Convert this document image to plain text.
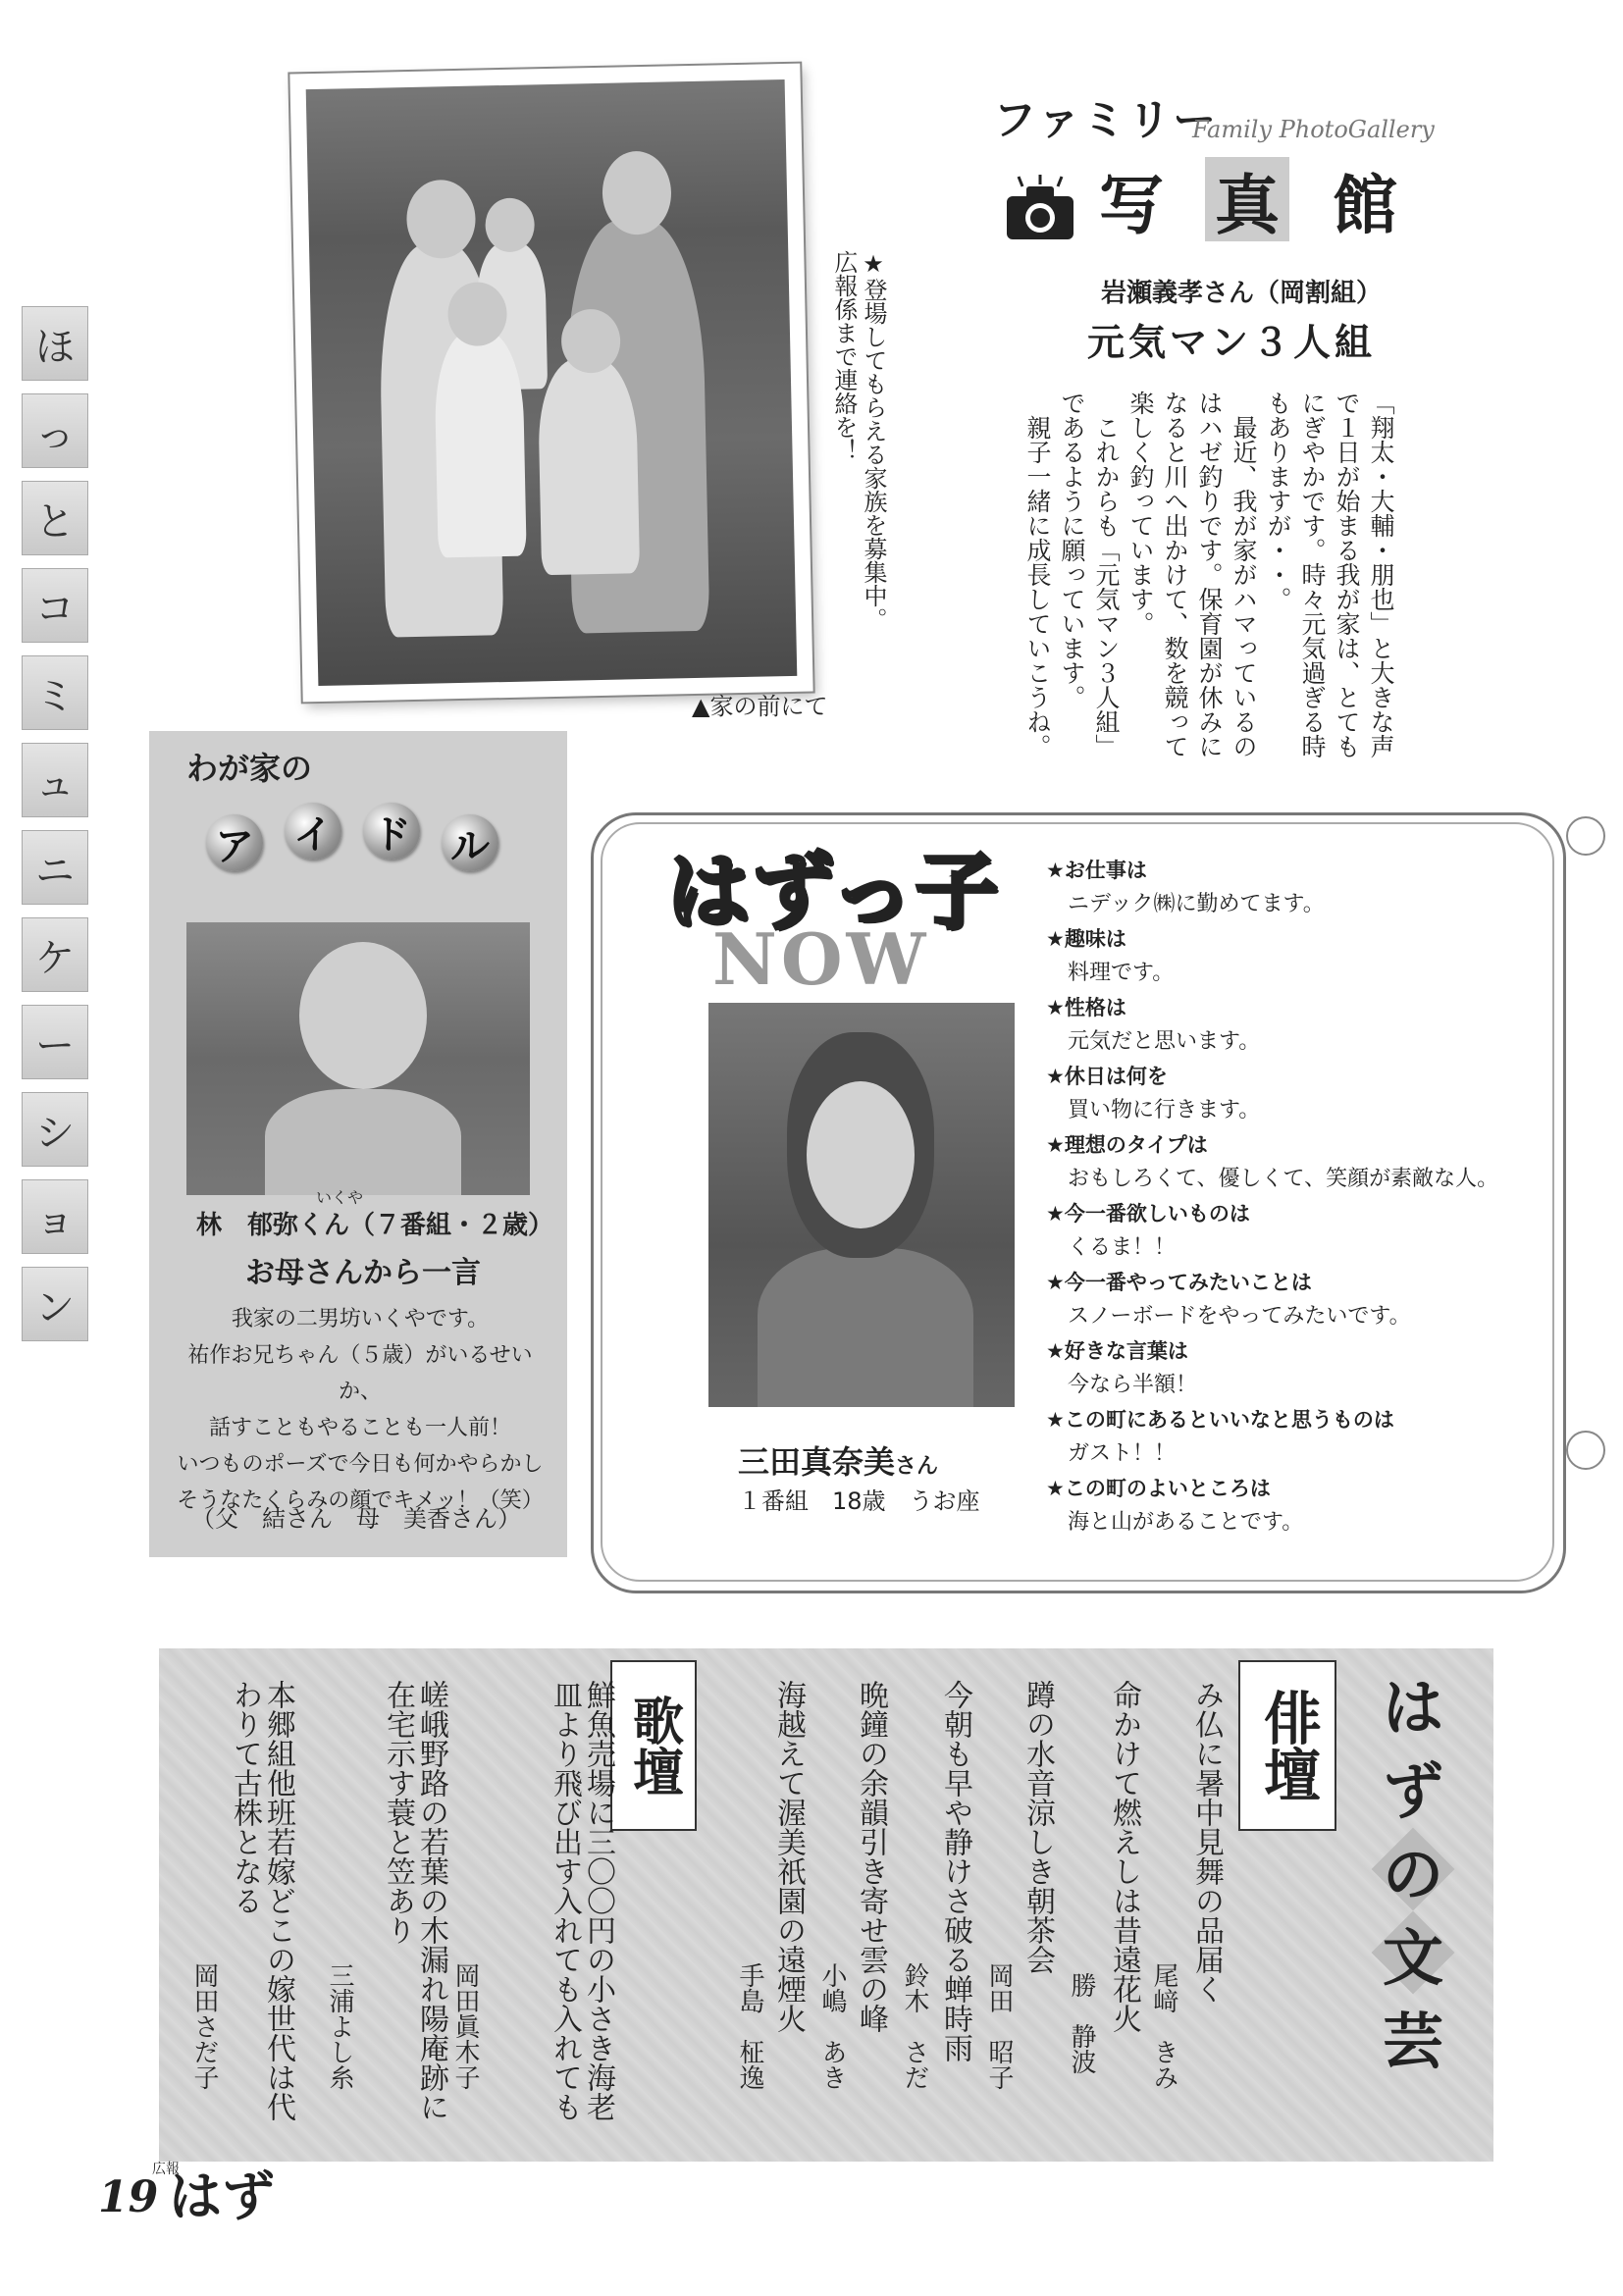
ほ
っ
と
コ
ミ
ュ
ニ
ケ
ー
シ
ョ
ン
★登場してもらえる家族を募集中。
広報係まで連絡を！
▲家の前にて
ファミリー
Family PhotoGallery
写 真 館
岩瀬義孝さん（岡割組）
元気マン３人組
「翔太・大輔・朋也」と大きな声で１日が始まる我が家は、とてもにぎやかです。時々元気過ぎる時もありますが・・。
　最近、我が家がハマっているのはハゼ釣りです。保育園が休みになると川へ出かけて、数を競って楽しく釣っています。
　これからも「元気マン３人組」であるように願っています。
　親子一緒に成長していこうね。
わが家の
ア イ ド ル
いくや
林　郁弥くん（７番組・２歳）
お母さんから一言
我家の二男坊いくやです。
祐作お兄ちゃん（５歳）がいるせいか、
話すこともやることも一人前！
いつものポーズで今日も何かやらかしそうなたくらみの顔でキメッ！（笑）
（父　結さん　母　美香さん）
はずっ子
NOW
三田真奈美さん
１番組　18歳　うお座
★お仕事は
ニデック㈱に勤めてます。
★趣味は
料理です。
★性格は
元気だと思います。
★休日は何を
買い物に行きます。
★理想のタイプは
おもしろくて、優しくて、笑顔が素敵な人。
★今一番欲しいものは
くるま！！
★今一番やってみたいことは
スノーボードをやってみたいです。
★好きな言葉は
今なら半額！
★この町にあるといいなと思うものは
ガスト！！
★この町のよいところは
海と山があることです。
は
ず
の
文
芸
俳壇
み仏に暑中見舞の品届く
尾﨑　きみ
命かけて燃えしは昔遠花火
勝　静波
蹲の水音涼しき朝茶会
岡田　昭子
今朝も早や静けさ破る蝉時雨
鈴木　さだ
晩鐘の余韻引き寄せ雲の峰
小嶋　あき
海越えて渥美祇園の遠煙火
手島　柾逸
歌壇
鮮魚売場に三〇〇円の小さき海老皿より飛び出す入れても入れても
岡田眞木子
嵯峨野路の若葉の木漏れ陽庵跡に在宅示す蓑と笠あり
三浦よし糸
本郷組他班若嫁どこの嫁世代は代わりて古株となる
岡田さだ子
19
広報
はず
